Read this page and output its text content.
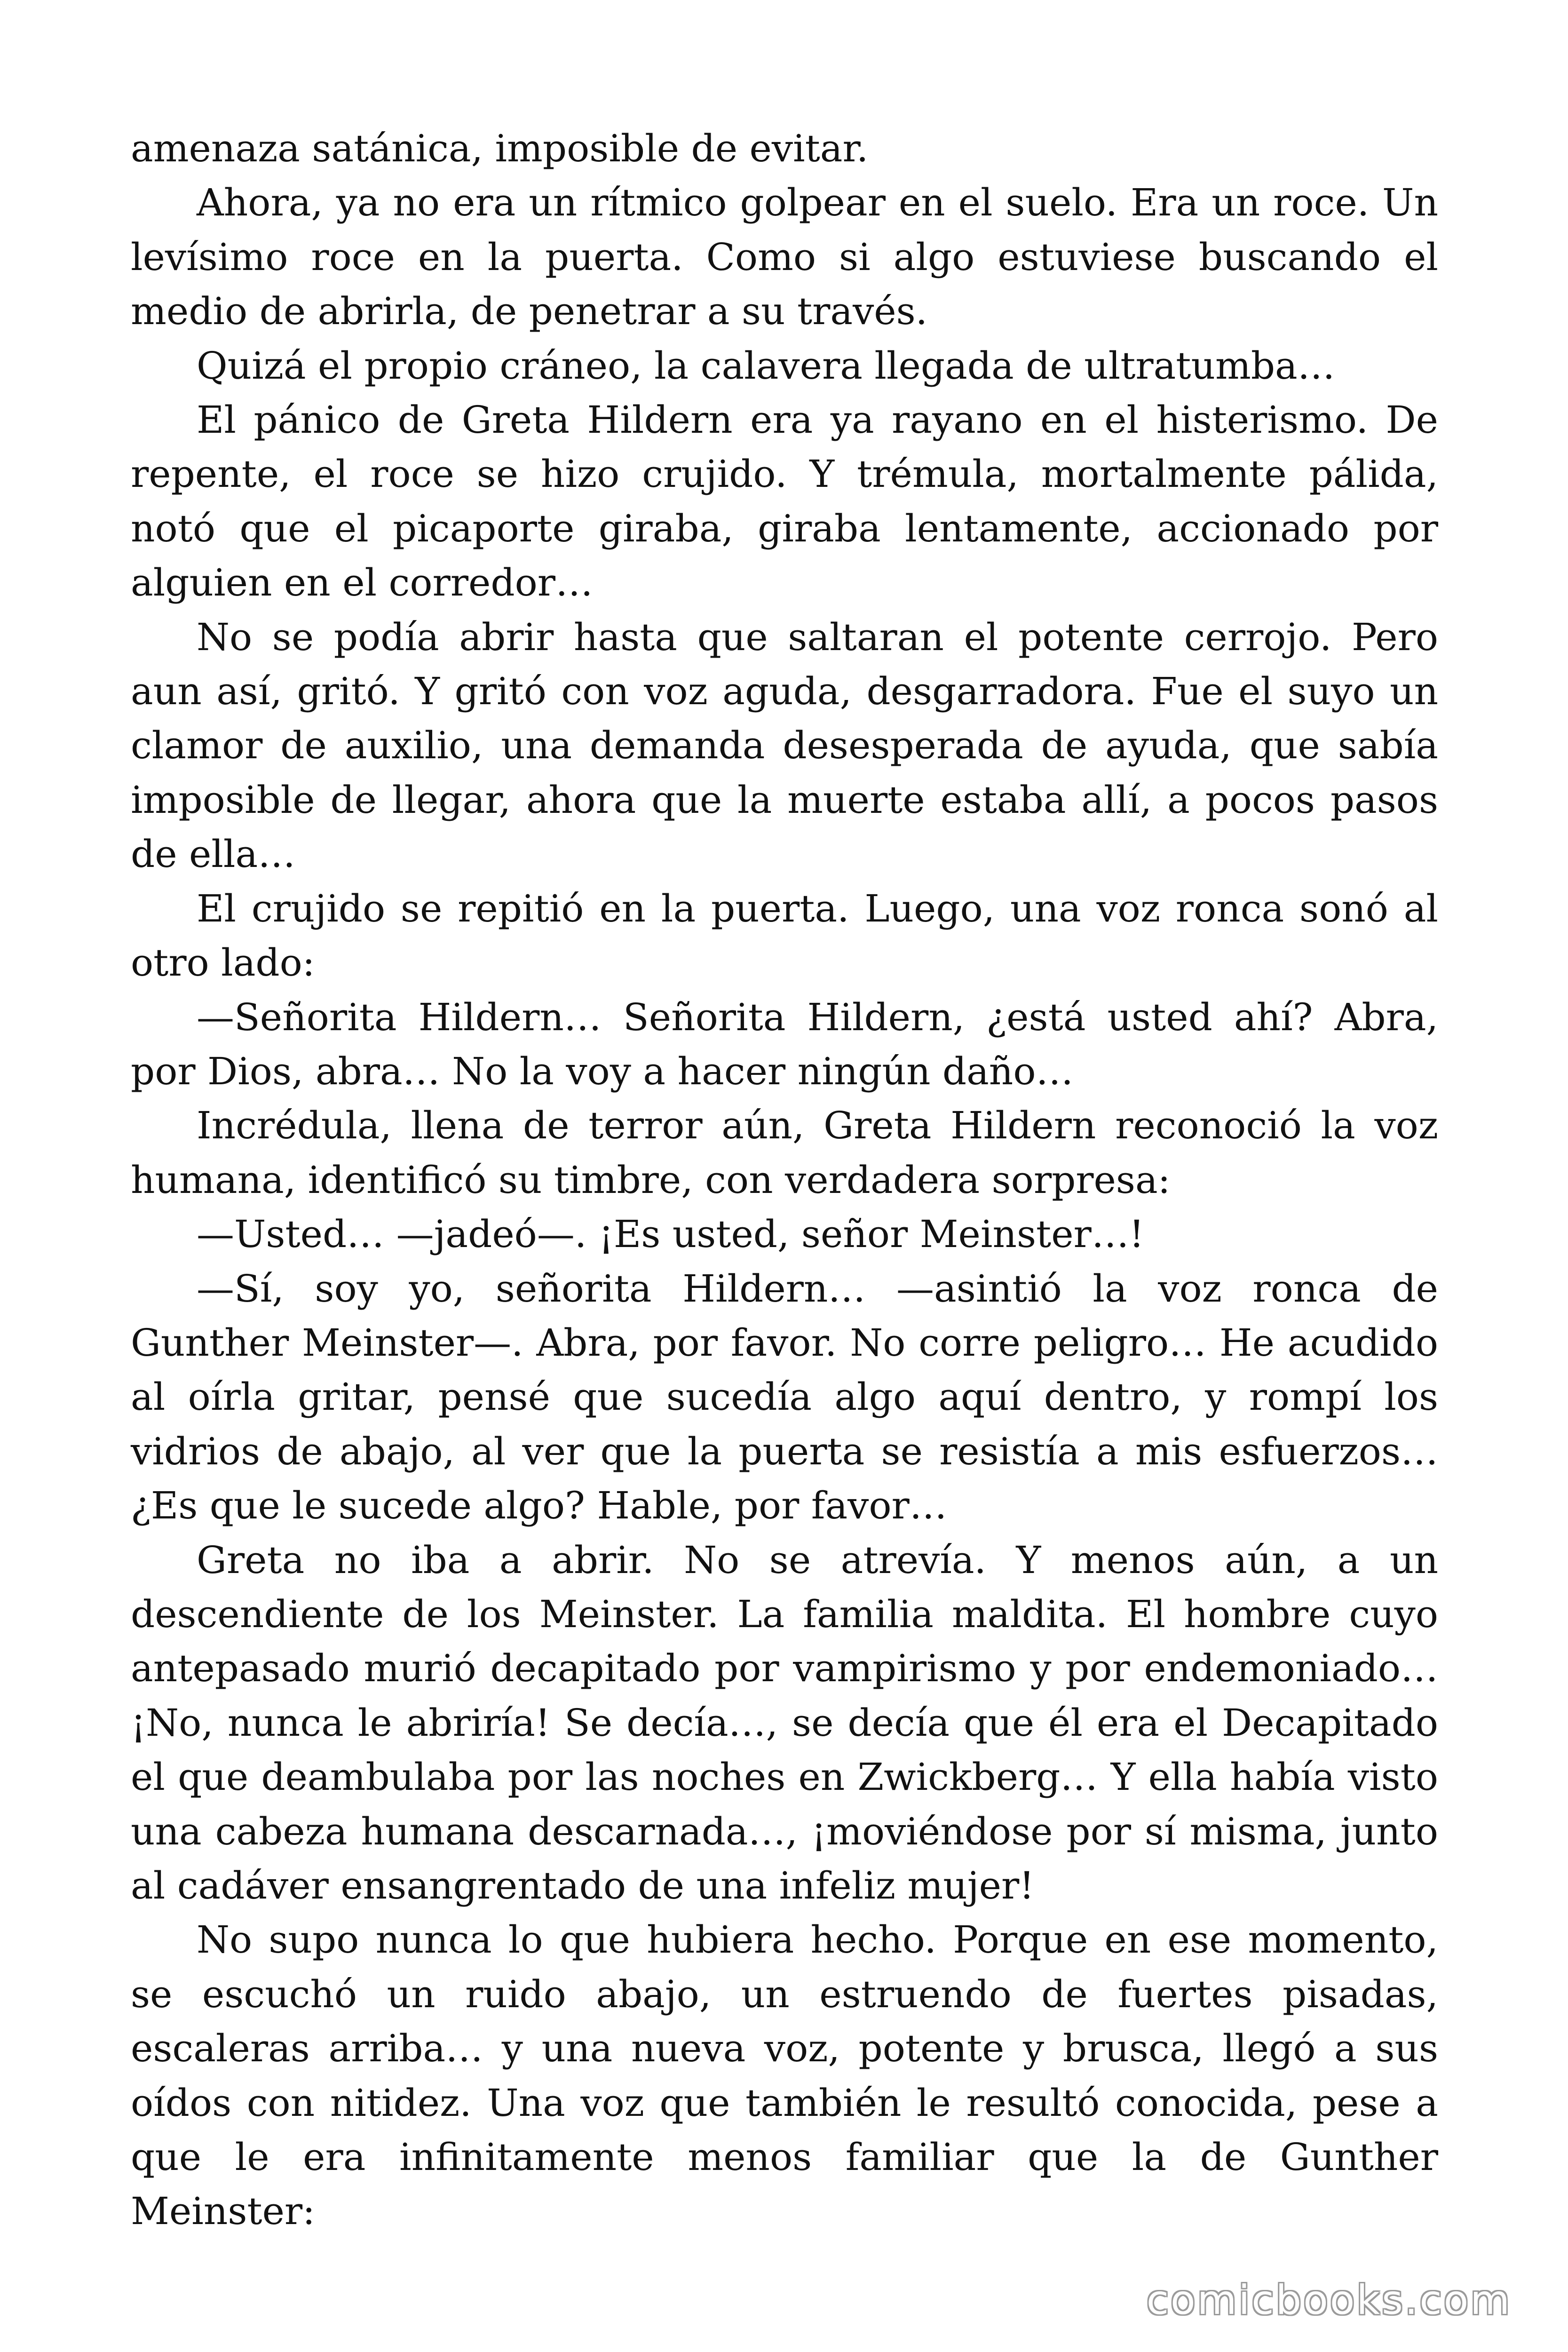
amenaza satánica, imposible de evitar.

Ahora, ya no era un rítmico golpear en el suelo. Era un roce. Un levísimo roce en la puerta. Como si algo estuviese buscando el medio de abrirla, de penetrar a su través.

Quizá el propio cráneo, la calavera llegada de ultratumba…

El pánico de Greta Hildern era ya rayano en el histerismo. De repente, el roce se hizo crujido. Y trémula, mortalmente pálida, notó que el picaporte giraba, giraba lentamente, accionado por alguien en el corredor…

No se podía abrir hasta que saltaran el potente cerrojo. Pero aun así, gritó. Y gritó con voz aguda, desgarradora. Fue el suyo un clamor de auxilio, una demanda desesperada de ayuda, que sabía imposible de llegar, ahora que la muerte estaba allí, a pocos pasos de ella…

El crujido se repitió en la puerta. Luego, una voz ronca sonó al otro lado:

—Señorita Hildern… Señorita Hildern, ¿está usted ahí? Abra, por Dios, abra… No la voy a hacer ningún daño…

Incrédula, llena de terror aún, Greta Hildern reconoció la voz humana, identificó su timbre, con verdadera sorpresa:

—Usted… —jadeó—. ¡Es usted, señor Meinster…!

—Sí, soy yo, señorita Hildern… —asintió la voz ronca de Gunther Meinster—. Abra, por favor. No corre peligro… He acudido al oírla gritar, pensé que sucedía algo aquí dentro, y rompí los vidrios de abajo, al ver que la puerta se resistía a mis esfuerzos… ¿Es que le sucede algo? Hable, por favor…

Greta no iba a abrir. No se atrevía. Y menos aún, a un descendiente de los Meinster. La familia maldita. El hombre cuyo antepasado murió decapitado por vampirismo y por endemoniado… ¡No, nunca le abriría! Se decía…, se decía que él era el Decapitado el que deambulaba por las noches en Zwickberg… Y ella había visto una cabeza humana descarnada…, ¡moviéndose por sí misma, junto al cadáver ensangrentado de una infeliz mujer!

No supo nunca lo que hubiera hecho. Porque en ese momento, se escuchó un ruido abajo, un estruendo de fuertes pisadas, escaleras arriba… y una nueva voz, potente y brusca, llegó a sus oídos con nitidez. Una voz que también le resultó conocida, pese a que le era infinitamente menos familiar que la de Gunther Meinster:

comicbooks.com
